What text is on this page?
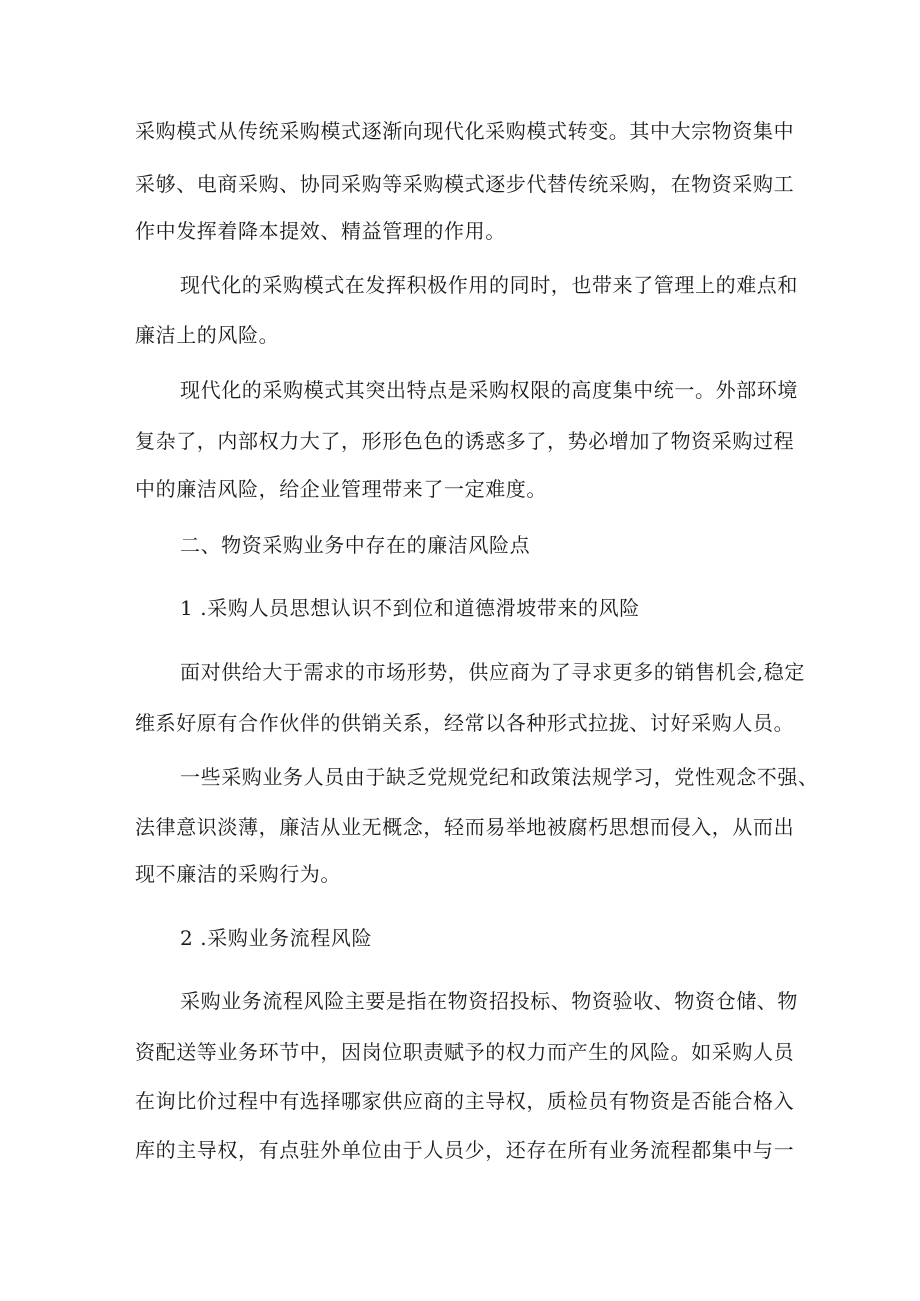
采购模式从传统采购模式逐渐向现代化采购模式转变。其中大宗物资集中
采够、电商采购、协同采购等采购模式逐步代替传统采购，在物资采购工
作中发挥着降本提效、精益管理的作用。
现代化的采购模式在发挥积极作用的同时，也带来了管理上的难点和
廉洁上的风险。
现代化的采购模式其突出特点是采购权限的高度集中统一。外部环境
复杂了，内部权力大了，形形色色的诱惑多了，势必增加了物资采购过程
中的廉洁风险，给企业管理带来了一定难度。
二、物资采购业务中存在的廉洁风险点
1 .采购人员思想认识不到位和道德滑坡带来的风险
面对供给大于需求的市场形势，供应商为了寻求更多的销售机会,稳定
维系好原有合作伙伴的供销关系，经常以各种形式拉拢、讨好采购人员。
一些采购业务人员由于缺乏党规党纪和政策法规学习，党性观念不强、
法律意识淡薄，廉洁从业无概念，轻而易举地被腐朽思想而侵入，从而出
现不廉洁的采购行为。
2 .采购业务流程风险
采购业务流程风险主要是指在物资招投标、物资验收、物资仓储、物
资配送等业务环节中，因岗位职责赋予的权力而产生的风险。如采购人员
在询比价过程中有选择哪家供应商的主导权，质检员有物资是否能合格入
库的主导权，有点驻外单位由于人员少，还存在所有业务流程都集中与一
